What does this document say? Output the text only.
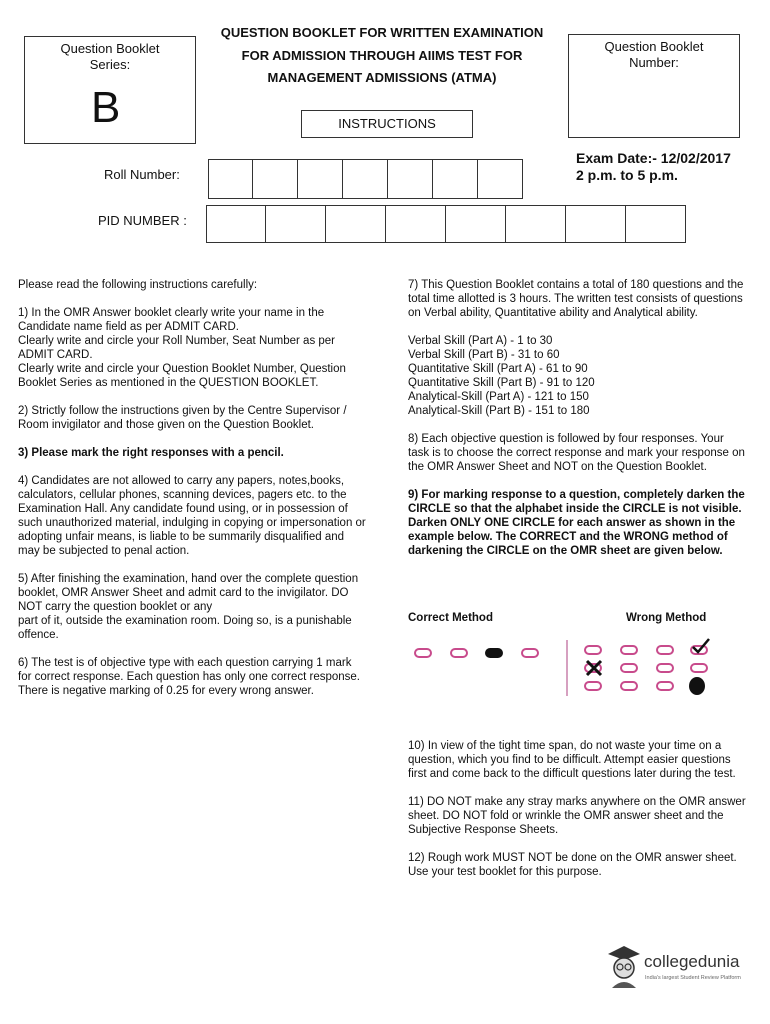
Question Booklet
Series:
B
QUESTION BOOKLET FOR WRITTEN EXAMINATION
FOR ADMISSION THROUGH AIIMS TEST FOR
MANAGEMENT ADMISSIONS (ATMA)
Question Booklet
Number:
INSTRUCTIONS
Exam Date:- 12/02/2017
2 p.m. to 5 p.m.
Roll Number:
PID NUMBER :

Please read the following instructions carefully:

1) In the OMR Answer booklet clearly write your name in the Candidate name field as per ADMIT CARD.

Clearly write and circle your Roll Number, Seat Number as per ADMIT CARD.

Clearly write and circle your Question Booklet Number, Question Booklet Series as mentioned in the QUESTION BOOKLET.

2) Strictly follow the instructions given by the Centre Supervisor / Room invigilator and those given on the Question Booklet.

3) Please mark the right responses with a pencil.

4) Candidates are not allowed to carry any papers, notes,books, calculators, cellular phones, scanning devices, pagers etc. to the Examination Hall. Any candidate found using, or in possession of such unauthorized material, indulging in copying or impersonation or adopting unfair means, is liable to be summarily disqualified and may be subjected to penal action.

5) After finishing the examination, hand over the complete question booklet, OMR Answer Sheet and admit card to the invigilator. DO NOT carry the question booklet or any

part of it, outside the examination room. Doing so, is a punishable offence.

6) The test is of objective type with each question carrying 1 mark for correct response. Each question has only one correct response. There is negative marking of 0.25 for every wrong answer.

7) This Question Booklet contains a total of 180 questions and the total time allotted is 3 hours. The written test consists of questions on Verbal ability, Quantitative ability and Analytical ability.

Verbal Skill (Part A) - 1 to 30
Verbal Skill (Part B) - 31 to 60
Quantitative Skill (Part A) - 61 to 90
Quantitative Skill (Part B) - 91 to 120
Analytical-Skill (Part A) - 121 to 150
Analytical-Skill (Part B) - 151 to 180

8) Each objective question is followed by four responses. Your task is to choose the correct response and mark your response on the OMR Answer Sheet and NOT on the Question Booklet.

9) For marking response to a question, completely darken the CIRCLE so that the alphabet inside the CIRCLE is not visible. Darken ONLY ONE CIRCLE for each answer as shown in the example below. The CORRECT and the WRONG method of darkening the CIRCLE on the OMR sheet are given below.

Correct Method	Wrong Method

10) In view of the tight time span, do not waste your time on a question, which you find to be difficult. Attempt easier questions first and come back to the difficult questions later during the test.

11) DO NOT make any stray marks anywhere on the OMR answer sheet. DO NOT fold or wrinkle the OMR answer sheet and the Subjective Response Sheets.

12) Rough work MUST NOT be done on the OMR answer sheet. Use your test booklet for this purpose.

collegedunia
India's largest Student Review Platform
